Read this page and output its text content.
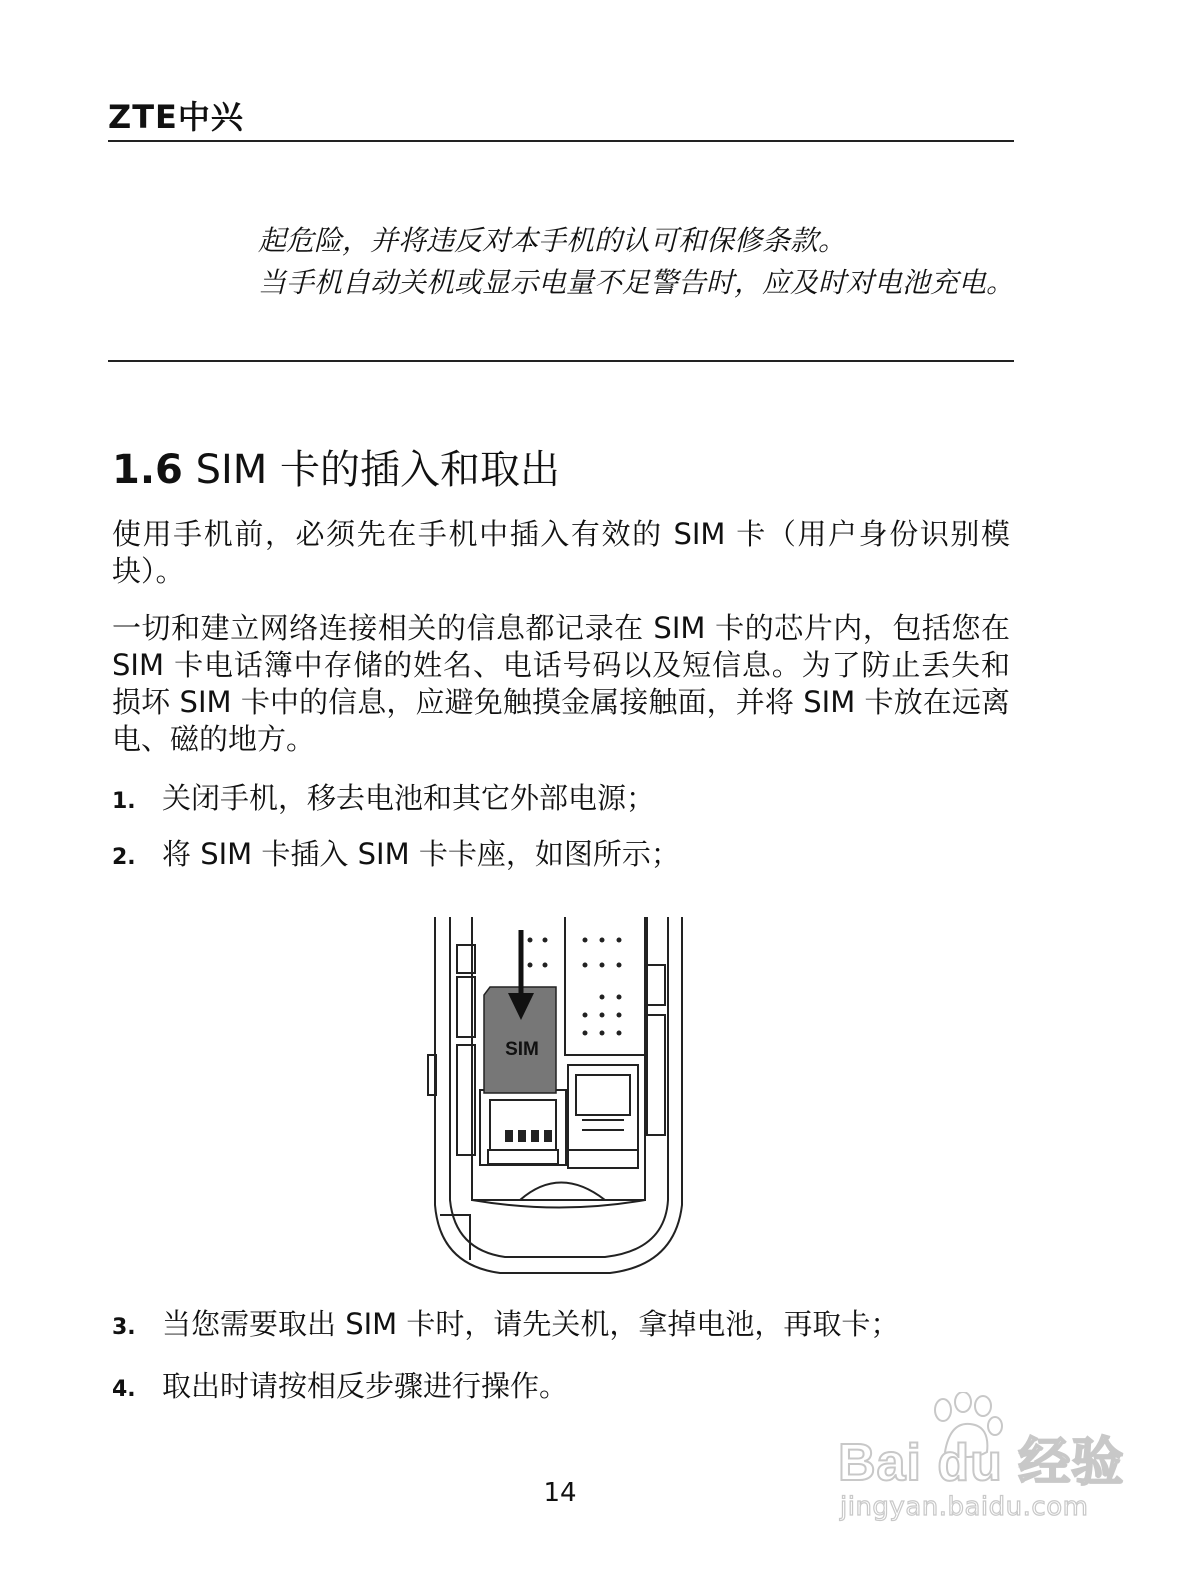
ZTE中兴

起危险，并将违反对本手机的认可和保修条款。

当手机自动关机或显示电量不足警告时，应及时对电池充电。

1.6 SIM 卡的插入和取出

使用手机前，必须先在手机中插入有效的 SIM 卡（用户身份识别模块）。

一切和建立网络连接相关的信息都记录在 SIM 卡的芯片内，包括您在 SIM 卡电话簿中存储的姓名、电话号码以及短信息。为了防止丢失和损坏 SIM 卡中的信息，应避免触摸金属接触面，并将 SIM 卡放在远离电、磁的地方。

1. 关闭手机，移去电池和其它外部电源；

2. 将 SIM 卡插入 SIM 卡卡座，如图所示；

SIM

3. 当您需要取出 SIM 卡时，请先关机，拿掉电池，再取卡；

4. 取出时请按相反步骤进行操作。

14
Bai du 经验
jingyan.baidu.com
